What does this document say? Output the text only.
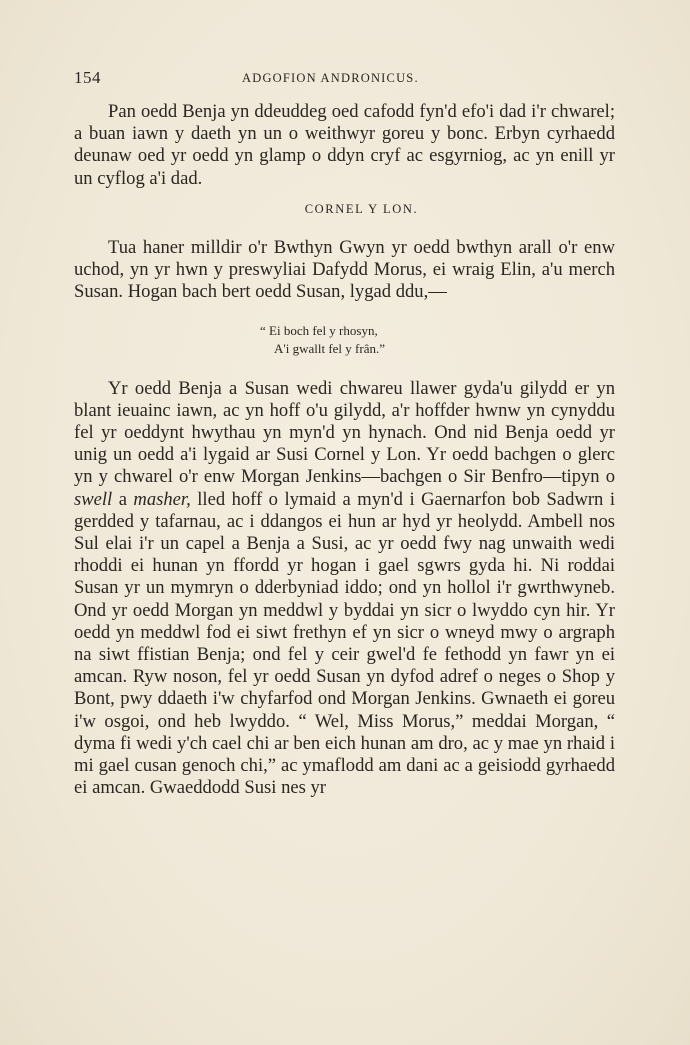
154	ADGOFION ANDRONICUS.

Pan oedd Benja yn ddeuddeg oed cafodd fyn'd efo'i dad i'r chwarel; a buan iawn y daeth yn un o weithwyr goreu y bonc. Erbyn cyrhaedd deunaw oed yr oedd yn glamp o ddyn cryf ac esgyrniog, ac yn enill yr un cyflog a'i dad.

CORNEL Y LON.

Tua haner milldir o'r Bwthyn Gwyn yr oedd bwthyn arall o'r enw uchod, yn yr hwn y preswyliai Dafydd Morus, ei wraig Elin, a'u merch Susan. Hogan bach bert oedd Susan, lygad ddu,—

“ Ei boch fel y rhosyn,
A'i gwallt fel y frân.”

Yr oedd Benja a Susan wedi chwareu llawer gyda'u gilydd er yn blant ieuainc iawn, ac yn hoff o'u gilydd, a'r hoffder hwnw yn cynyddu fel yr oeddynt hwythau yn myn'd yn hynach. Ond nid Benja oedd yr unig un oedd a'i lygaid ar Susi Cornel y Lon. Yr oedd bachgen o glerc yn y chwarel o'r enw Morgan Jenkins—bachgen o Sir Benfro—tipyn o swell a masher, lled hoff o lymaid a myn'd i Gaernarfon bob Sadwrn i gerdded y tafarnau, ac i ddangos ei hun ar hyd yr heolydd. Ambell nos Sul elai i'r un capel a Benja a Susi, ac yr oedd fwy nag unwaith wedi rhoddi ei hunan yn ffordd yr hogan i gael sgwrs gyda hi. Ni roddai Susan yr un mymryn o dderbyniad iddo; ond yn hollol i'r gwrthwyneb. Ond yr oedd Morgan yn meddwl y byddai yn sicr o lwyddo cyn hir. Yr oedd yn meddwl fod ei siwt frethyn ef yn sicr o wneyd mwy o argraph na siwt ffistian Benja; ond fel y ceir gwel'd fe fethodd yn fawr yn ei amcan. Ryw noson, fel yr oedd Susan yn dyfod adref o neges o Shop y Bont, pwy ddaeth i'w chyfarfod ond Morgan Jenkins. Gwnaeth ei goreu i'w osgoi, ond heb lwyddo. “ Wel, Miss Morus,” meddai Morgan, “ dyma fi wedi y'ch cael chi ar ben eich hunan am dro, ac y mae yn rhaid i mi gael cusan genoch chi,” ac ymaflodd am dani ac a geisiodd gyrhaedd ei amcan. Gwaeddodd Susi nes yr
